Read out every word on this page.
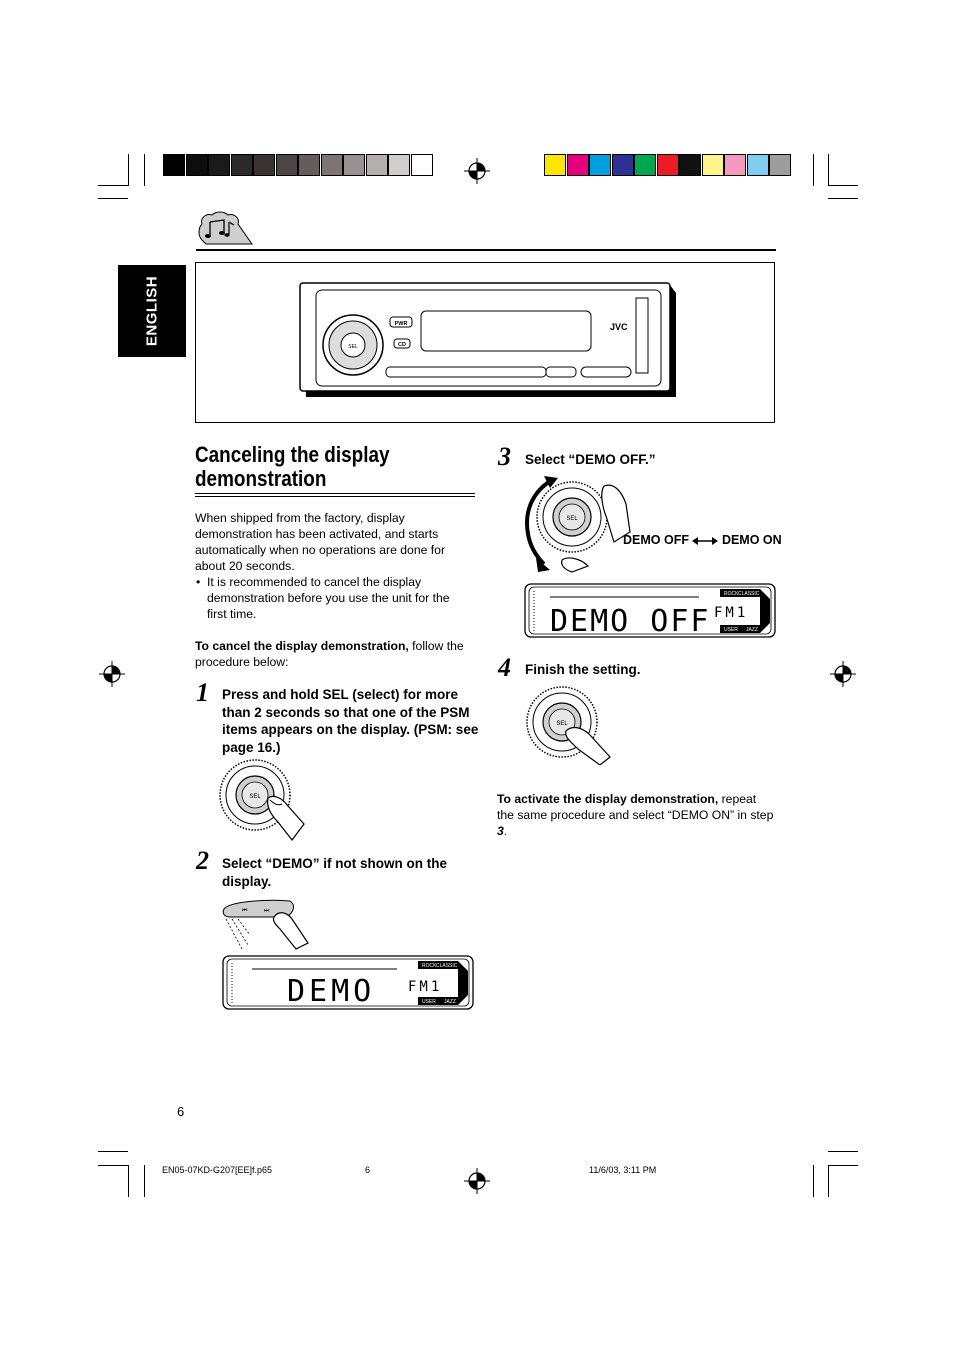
ENGLISH
SEL
PWR
CD
JVC
Canceling the display
demonstration
When shipped from the factory, display demonstration has been activated, and starts automatically when no operations are done for about 20 seconds.
• It is recommended to cancel the display demonstration before you use the unit for the first time.
To cancel the display demonstration, follow the procedure below:
1 Press and hold SEL (select) for more than 2 seconds so that one of the PSM items appears on the display. (PSM: see page 16.)
SEL
2 Select “DEMO” if not shown on the display.
⏮	⏭
DEMO FM1
ROCK CLASSIC
USER JAZZ
3 Select “DEMO OFF.”
SEL
DEMO OFF	DEMO ON
DEMO OFF FM1
ROCK CLASSIC
USER JAZZ
4 Finish the setting.
SEL
To activate the display demonstration, repeat the same procedure and select “DEMO ON” in step 3.
6
EN05-07KD-G207[EE]f.p65	6	11/6/03, 3:11 PM
